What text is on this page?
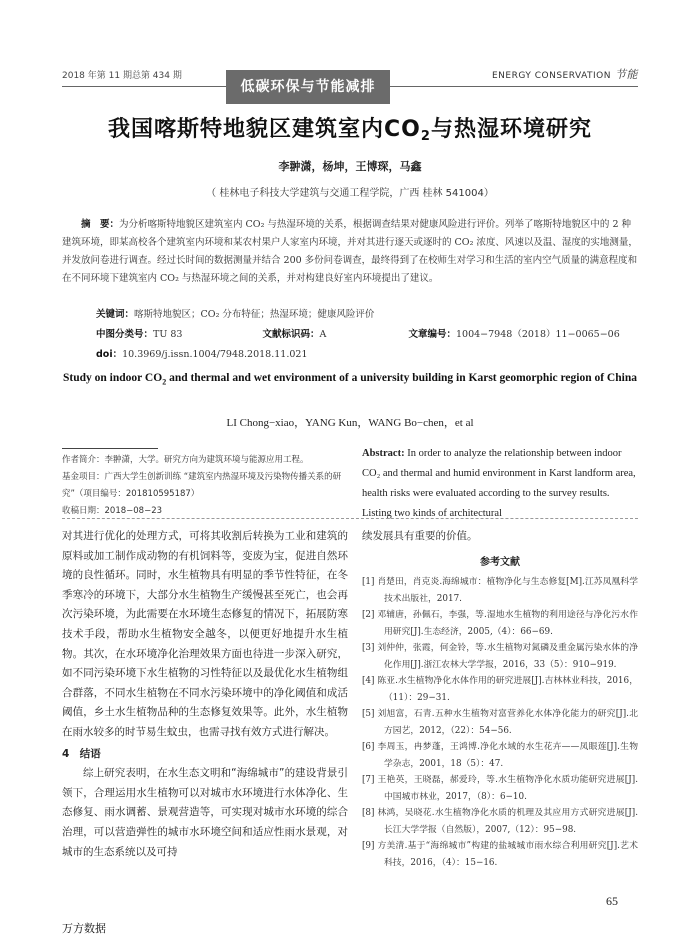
2018 年第 11 期总第 434 期	ENERGY CONSERVATION 节能
低碳环保与节能减排
我国喀斯特地貌区建筑室内$CO_2$与热湿环境研究
李翀潇，杨坤，王博琛，马鑫
（ 桂林电子科技大学建筑与交通工程学院，广西 桂林 541004）
摘　要：为分析喀斯特地貌区建筑室内 CO₂ 与热湿环境的关系，根据调查结果对健康风险进行评价。列举了喀斯特地貌区中的 2 种建筑环境，即某高校各个建筑室内环境和某农村果户人家室内环境，并对其进行逐天或逐时的 CO₂ 浓度、风速以及温、湿度的实地测量，并发放问卷进行调查。经过长时间的数据测量并结合 200 多份问卷调查，最终得到了在校师生对学习和生活的室内空气质量的满意程度和在不同环境下建筑室内 CO₂ 与热湿环境之间的关系，并对构建良好室内环境提出了建议。
关键词：喀斯特地貌区；CO₂ 分布特征；热湿环境；健康风险评价
中图分类号：TU 83	文献标识码：A	文章编号：1004−7948（2018）11−0065−06
doi：10.3969/j.issn.1004/7948.2018.11.021
Study on indoor $CO_2$ and thermal and wet environment of a university building in Karst geomorphic region of China
LI Chong−xiao，YANG Kun，WANG Bo−chen，et al
作者简介：李翀潇，大学。研究方向为建筑环境与能源应用工程。
基金项目：广西大学生创新训练 “建筑室内热湿环境及污染物传播关系的研究”（项目编号：201810595187）
收稿日期：2018−08−23
Abstract: In order to analyze the relationship between indoor CO₂ and thermal and humid environment in Karst landform area, health risks were evaluated according to the survey results. Listing two kinds of architectural

对其进行优化的处理方式，可将其收割后转换为工业和建筑的原料或加工制作成动物的有机饲料等，变废为宝，促进自然环境的良性循环。同时，水生植物具有明显的季节性特征，在冬季寒冷的环境下，大部分水生植物生产缓慢甚至死亡，也会再次污染环境，为此需要在水环境生态修复的情况下，拓展防寒技术手段，帮助水生植物安全越冬，以便更好地提升水生植物。其次，在水环境净化治理效果方面也待进一步深入研究，如不同污染环境下水生植物的习性特征以及最优化水生植物组合群落，不同水生植物在不同水污染环境中的净化阈值和成活阈值，乡土水生植物品种的生态修复效果等。此外，水生植物在雨水较多的时节易生蚊虫，也需寻找有效方式进行解决。

4　结语

综上研究表明，在水生态文明和“海绵城市”的建设背景引领下，合理运用水生植物可以对城市水环境进行水体净化、生态修复、雨水调蓄、景观营造等，可实现对城市水环境的综合治理，可以营造弹性的城市水环境空间和适应性雨水景观，对城市的生态系统以及可持

续发展具有重要的价值。

参考文献
[1] 肖楚田，肖克炎.海绵城市：植物净化与生态修复[M].江苏凤凰科学技术出版社，2017.
[2] 邓辅唐，孙佩石，李强，等.湿地水生植物的利用途径与净化污水作用研究[J].生态经济，2005,（4）：66−69.
[3] 刘仲仲，张霞，何金铃，等.水生植物对氮磷及重金属污染水体的净化作用[J].浙江农林大学学报，2016，33（5）：910−919.
[4] 陈亚.水生植物净化水体作用的研究进展[J].吉林林业科技，2016，（11）：29−31.
[5] 刘旭富，石青.五种水生植物对富营养化水体净化能力的研究[J].北方园艺，2012，（22）：54−56.
[6] 李周玉，冉梦蓬，王鸿博.净化水域的水生花卉——凤眼莲[J].生物学杂志，2001，18（5）：47.
[7] 王艳英，王晓磊，郝爱玲，等.水生植物净化水质功能研究进展[J].中国城市林业，2017，（8）：6−10.
[8] 林鸿，吴晓花.水生植物净化水质的机理及其应用方式研究进展[J].长江大学学报（自然版），2007,（12）：95−98.
[9] 方美清.基于“海绵城市”构建的盐城城市雨水综合利用研究[J].艺术科技，2016，（4）：15−16.
65
万方数据
